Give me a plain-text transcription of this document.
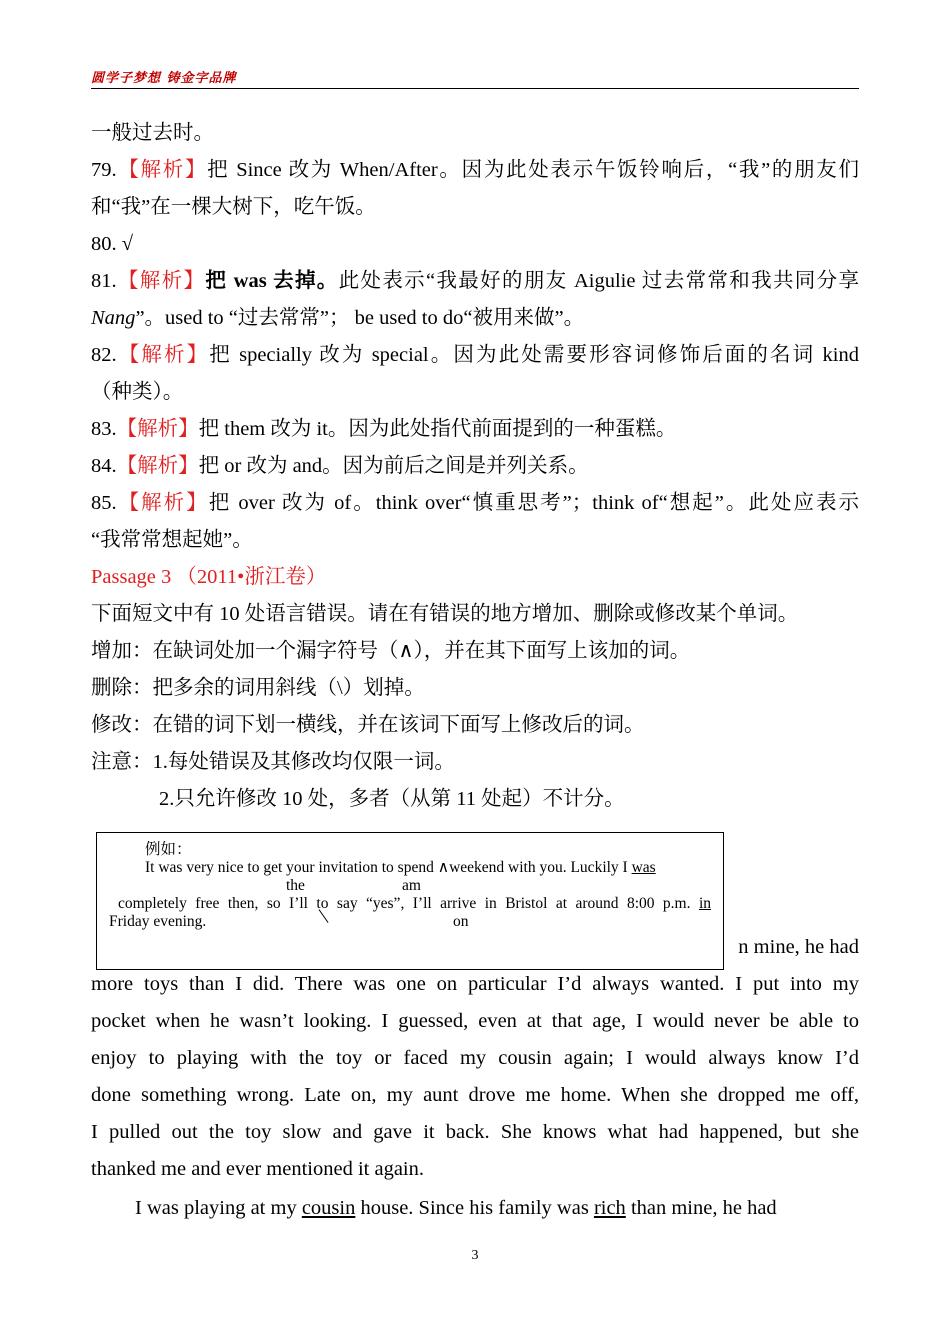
圆学子梦想 铸金字品牌
一般过去时。
79.【解析】把 Since 改为 When/After。因为此处表示午饭铃响后，“我”的朋友们
和“我”在一棵大树下，吃午饭。
80. √
81.【解析】把 was 去掉。此处表示“我最好的朋友 Aigulie 过去常常和我共同分享
Nang”。used to “过去常常”； be used to do“被用来做”。
82.【解析】把 specially 改为 special。因为此处需要形容词修饰后面的名词 kind
（种类）。
83.【解析】把 them 改为 it。因为此处指代前面提到的一种蛋糕。
84.【解析】把 or 改为 and。因为前后之间是并列关系。
85.【解析】把 over 改为 of。think over“慎重思考”；think of“想起”。此处应表示
“我常常想起她”。
Passage 3 （2011•浙江卷）
下面短文中有 10 处语言错误。请在有错误的地方增加、删除或修改某个单词。
增加：在缺词处加一个漏字符号（∧），并在其下面写上该加的词。
删除：把多余的词用斜线（\）划掉。
修改：在错的词下划一横线，并在该词下面写上修改后的词。
注意：1.每处错误及其修改均仅限一词。
2.只允许修改 10 处，多者（从第 11 处起）不计分。
例如：
It was very nice to get your invitation to spend ∧weekend with you. Luckily I was
the	am
completely free then, so I’ll to say “yes”, I’ll arrive in Bristol at around 8:00 p.m. in
Friday evening.	on
n mine, he had
more toys than I did. There was one on particular I’d always wanted. I put into my
pocket when he wasn’t looking. I guessed, even at that age, I would never be able to
enjoy to playing with the toy or faced my cousin again; I would always know I’d
done something wrong. Late on, my aunt drove me home. When she dropped me off,
I pulled out the toy slow and gave it back. She knows what had happened, but she
thanked me and ever mentioned it again.
I was playing at my cousin house. Since his family was rich than mine, he had
3
